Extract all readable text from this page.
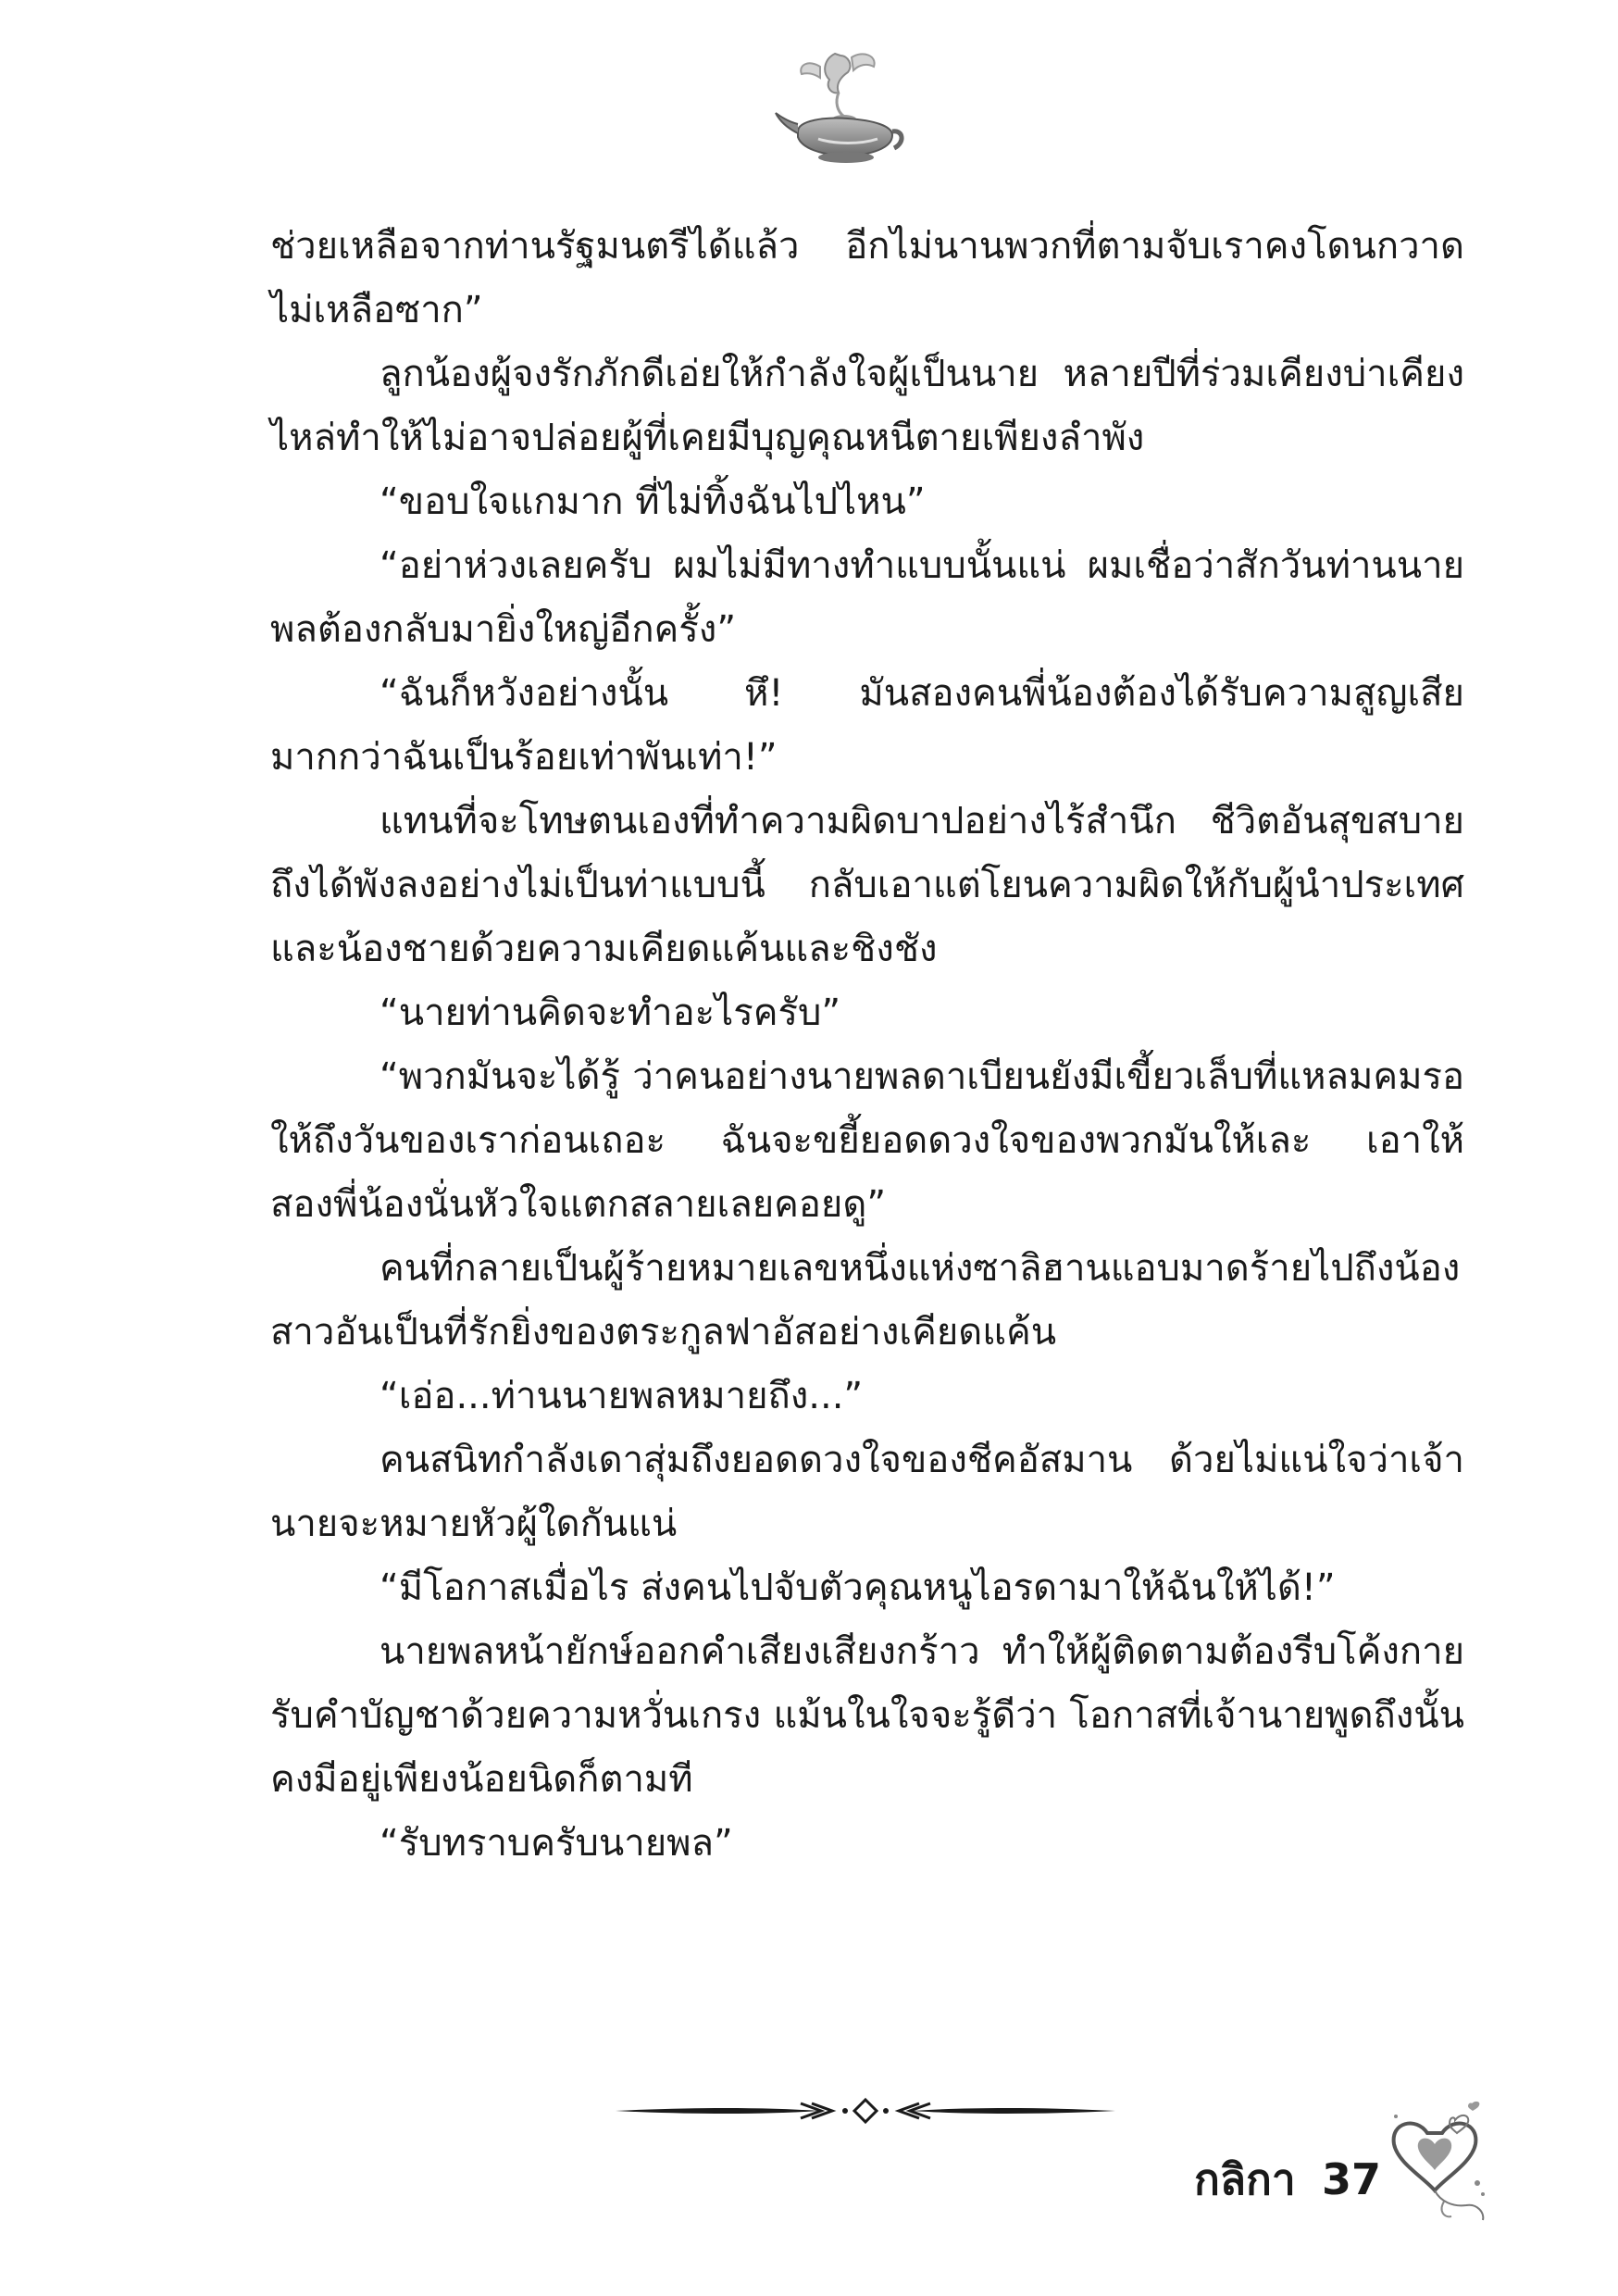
ช่วยเหลือจากท่านรัฐมนตรีได้แล้ว อีกไม่นานพวกที่ตามจับเราคงโดนกวาดไม่เหลือซาก”

ลูกน้องผู้จงรักภักดีเอ่ยให้กำลังใจผู้เป็นนาย หลายปีที่ร่วมเคียงบ่าเคียงไหล่ทำให้ไม่อาจปล่อยผู้ที่เคยมีบุญคุณหนีตายเพียงลำพัง

“ขอบใจแกมาก ที่ไม่ทิ้งฉันไปไหน”

“อย่าห่วงเลยครับ ผมไม่มีทางทำแบบนั้นแน่ ผมเชื่อว่าสักวันท่านนายพลต้องกลับมายิ่งใหญ่อีกครั้ง”

“ฉันก็หวังอย่างนั้น หึ! มันสองคนพี่น้องต้องได้รับความสูญเสียมากกว่าฉันเป็นร้อยเท่าพันเท่า!”

แทนที่จะโทษตนเองที่ทำความผิดบาปอย่างไร้สำนึก ชีวิตอันสุขสบายถึงได้พังลงอย่างไม่เป็นท่าแบบนี้ กลับเอาแต่โยนความผิดให้กับผู้นำประเทศและน้องชายด้วยความเคียดแค้นและชิงชัง

“นายท่านคิดจะทำอะไรครับ”

“พวกมันจะได้รู้ ว่าคนอย่างนายพลดาเบียนยังมีเขี้ยวเล็บที่แหลมคมรอให้ถึงวันของเราก่อนเถอะ ฉันจะขยี้ยอดดวงใจของพวกมันให้เละ เอาให้สองพี่น้องนั่นหัวใจแตกสลายเลยคอยดู”

คนที่กลายเป็นผู้ร้ายหมายเลขหนึ่งแห่งซาลิฮานแอบมาดร้ายไปถึงน้องสาวอันเป็นที่รักยิ่งของตระกูลฟาอัสอย่างเคียดแค้น

“เอ่อ...ท่านนายพลหมายถึง...”

คนสนิทกำลังเดาสุ่มถึงยอดดวงใจของชีคอัสมาน ด้วยไม่แน่ใจว่าเจ้านายจะหมายหัวผู้ใดกันแน่

“มีโอกาสเมื่อไร ส่งคนไปจับตัวคุณหนูไอรดามาให้ฉันให้ได้!”

นายพลหน้ายักษ์ออกคำเสียงเสียงกร้าว ทำให้ผู้ติดตามต้องรีบโค้งกายรับคำบัญชาด้วยความหวั่นเกรง แม้นในใจจะรู้ดีว่า โอกาสที่เจ้านายพูดถึงนั้นคงมีอยู่เพียงน้อยนิดก็ตามที

“รับทราบครับนายพล”

กลิกา 37
